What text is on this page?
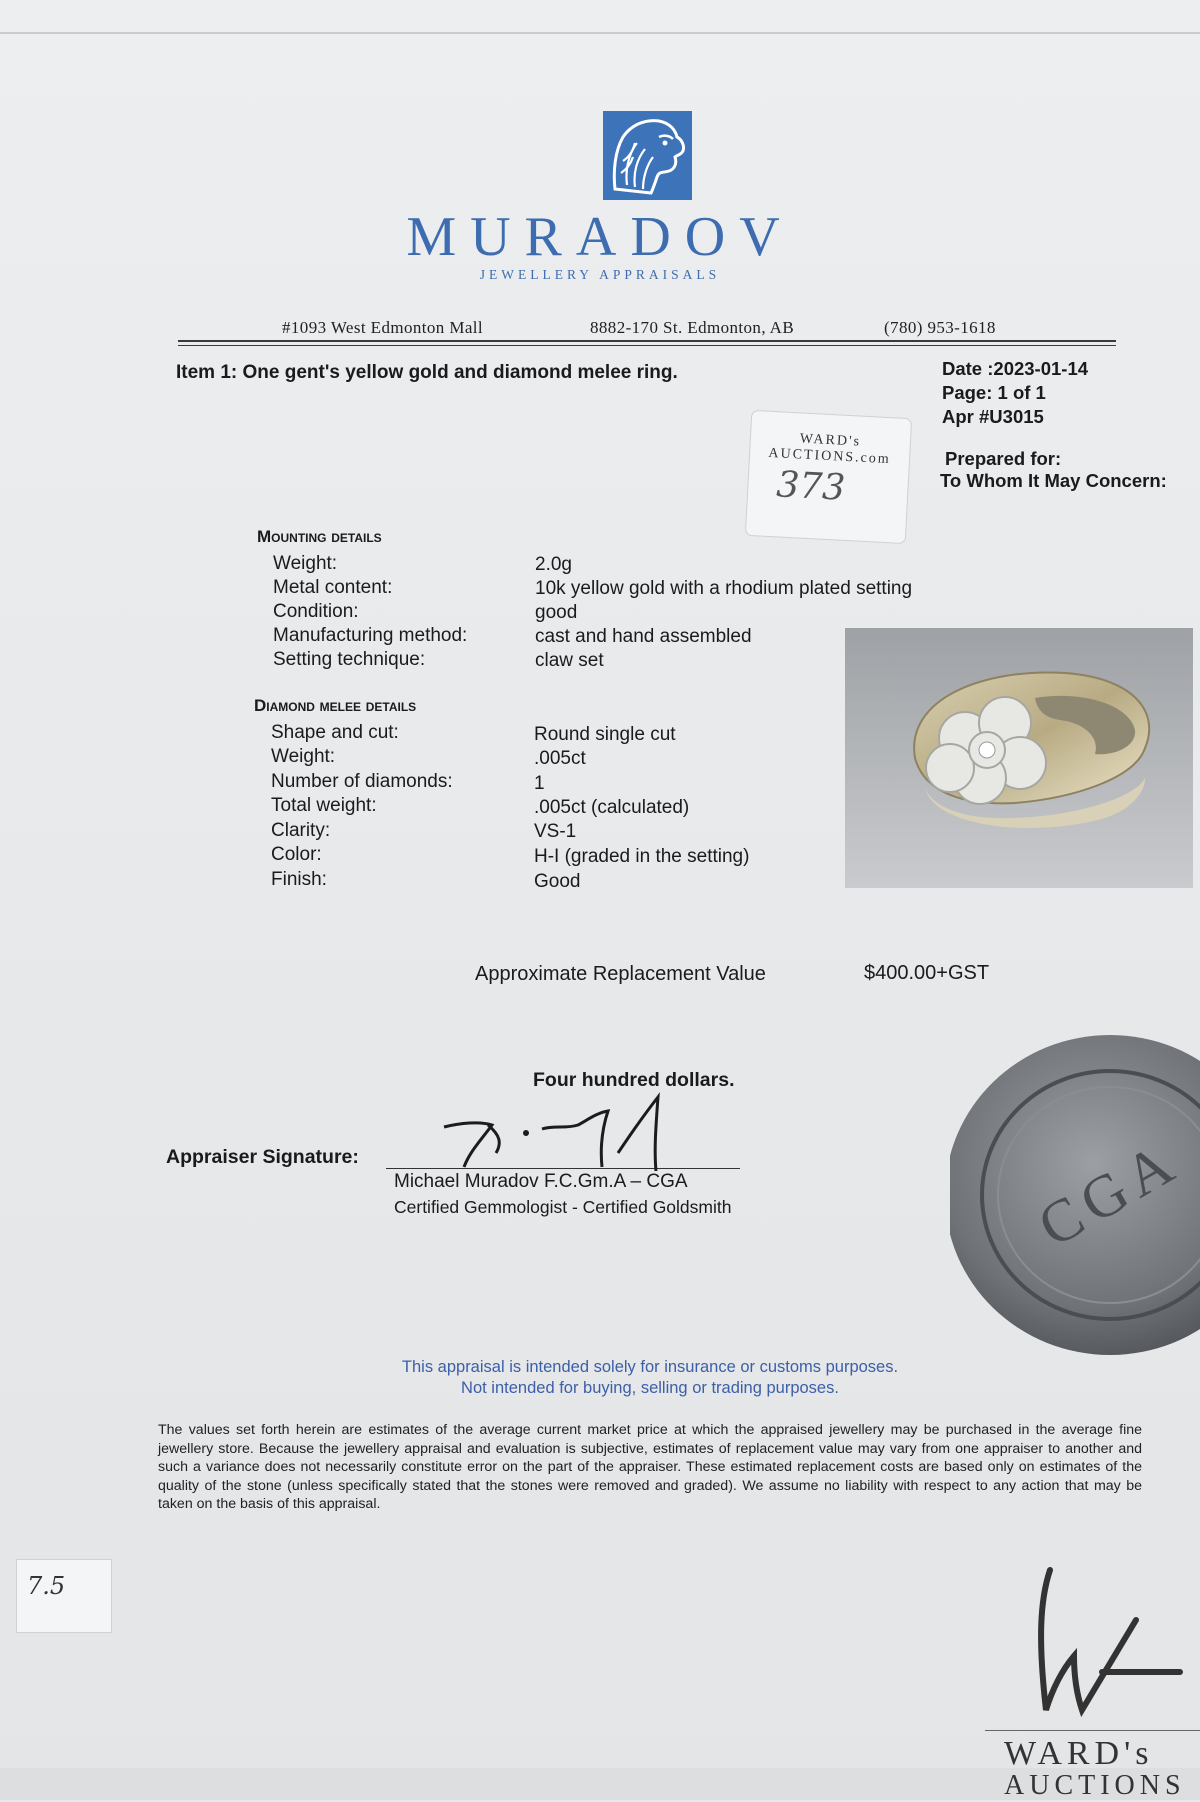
MURADOV
JEWELLERY APPRAISALS
#1093 West Edmonton Mall	8882-170 St. Edmonton, AB	(780) 953-1618
Item 1: One gent's yellow gold and diamond melee ring.	Date :2023-01-14
Page: 1 of 1
Apr #U3015
Prepared for:
To Whom It May Concern:
WARD's AUCTIONS.com
373
Mounting details
Weight:	2.0g
Metal content:	10k yellow gold with a rhodium plated setting
Condition:	good
Manufacturing method:	cast and hand assembled
Setting technique:	claw set
Diamond melee details
Shape and cut:	Round single cut
Weight:	.005ct
Number of diamonds:	1
Total weight:	.005ct (calculated)
Clarity:	VS-1
Color:	H-I (graded in the setting)
Finish:	Good
Approximate Replacement Value	$400.00+GST
Four hundred dollars.
Appraiser Signature:
Michael Muradov F.C.Gm.A – CGA
Certified Gemmologist - Certified Goldsmith	CGA
This appraisal is intended solely for insurance or customs purposes.
Not intended for buying, selling or trading purposes.
The values set forth herein are estimates of the average current market price at which the appraised jewellery may be purchased in the average fine jewellery store. Because the jewellery appraisal and evaluation is subjective, estimates of replacement value may vary from one appraiser to another and such a variance does not necessarily constitute error on the part of the appraiser. These estimated replacement costs are based only on estimates of the quality of the stone (unless specifically stated that the stones were removed and graded). We assume no liability with respect to any action that may be taken on the basis of this appraisal.
7.5
WARD's
AUCTIONS
